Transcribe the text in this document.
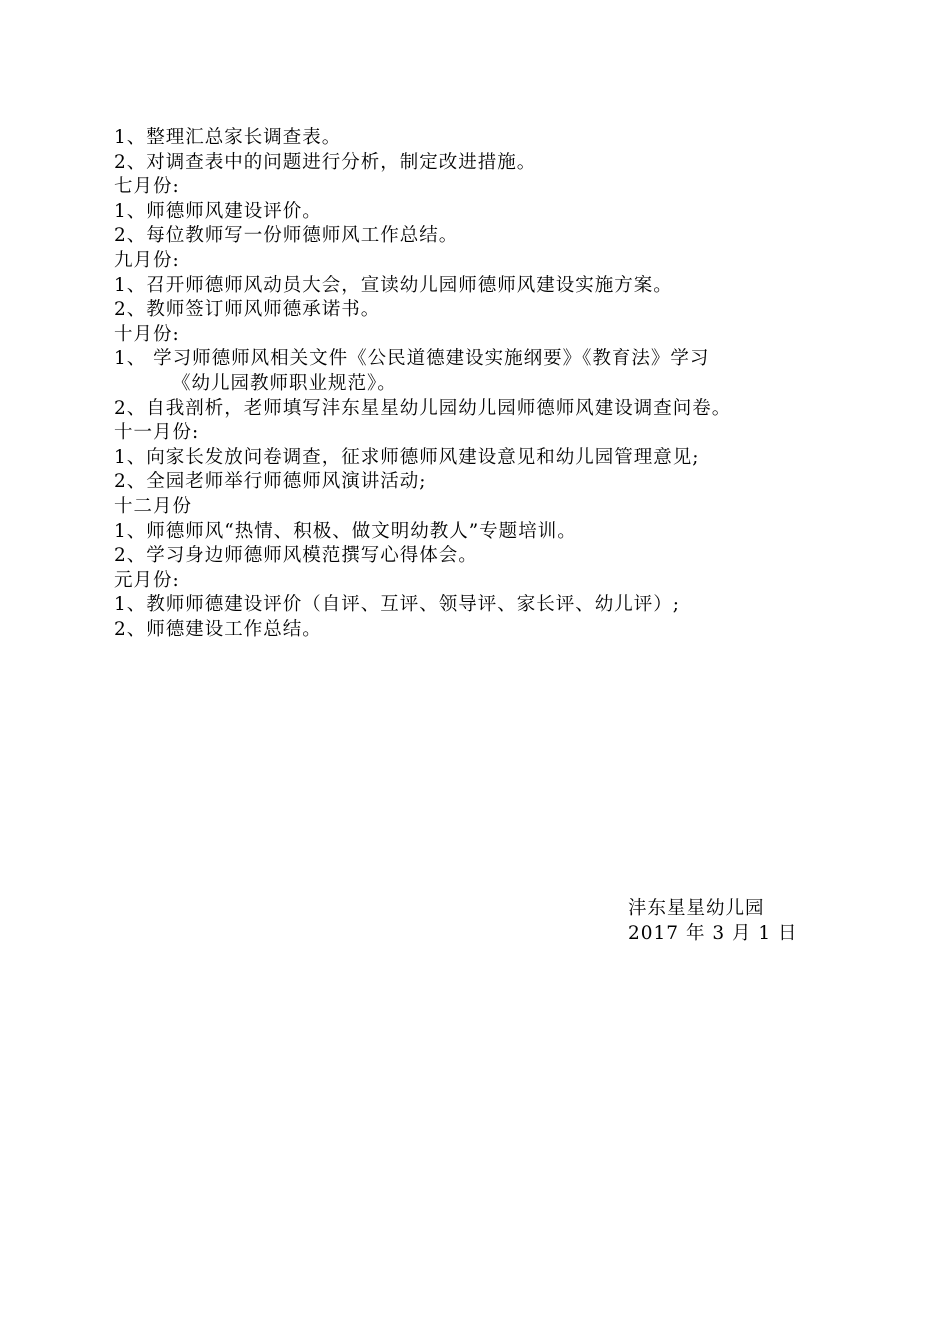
1、整理汇总家长调查表。
2、对调查表中的问题进行分析，制定改进措施。
七月份:
1、师德师风建设评价。
2、每位教师写一份师德师风工作总结。
九月份:
1、召开师德师风动员大会，宣读幼儿园师德师风建设实施方案。
2、教师签订师风师德承诺书。
十月份:
1、 学习师德师风相关文件《公民道德建设实施纲要》《教育法》学习
《幼儿园教师职业规范》。
2、自我剖析，老师填写沣东星星幼儿园幼儿园师德师风建设调查问卷。
十一月份:
1、向家长发放问卷调查，征求师德师风建设意见和幼儿园管理意见;
2、全园老师举行师德师风演讲活动;
十二月份
1、师德师风“热情、积极、做文明幼教人”专题培训。
2、学习身边师德师风模范撰写心得体会。
元月份:
1、教师师德建设评价（自评、互评、领导评、家长评、幼儿评）;
2、师德建设工作总结。
沣东星星幼儿园
2017 年 3 月 1 日
